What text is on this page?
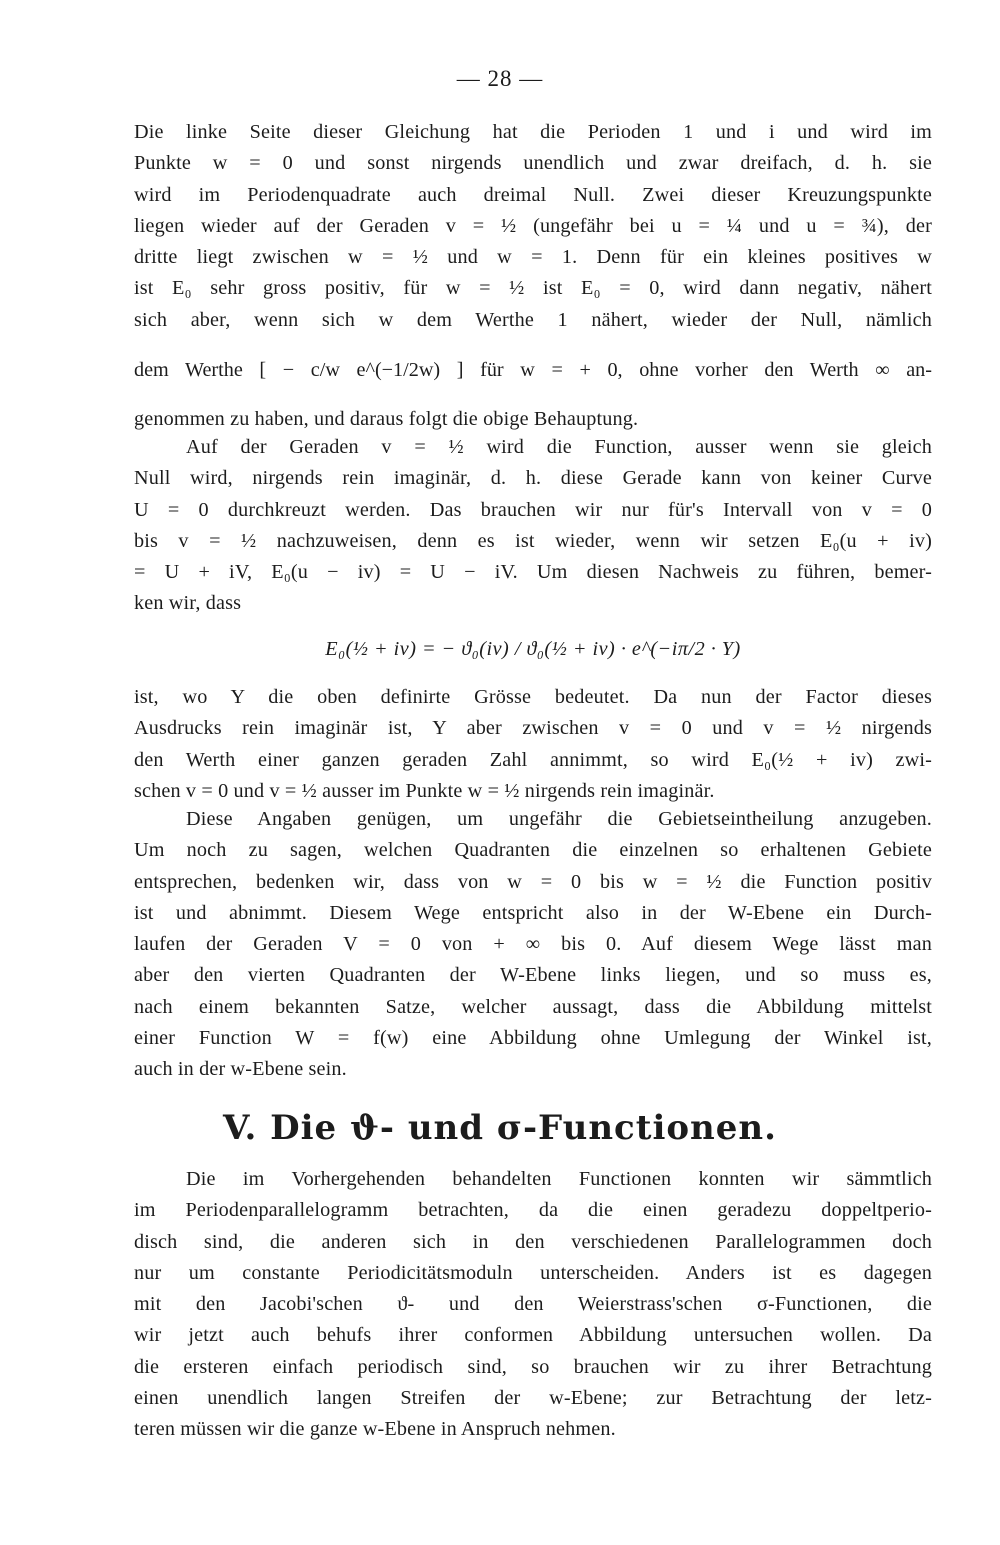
— 28 —
Die linke Seite dieser Gleichung hat die Perioden 1 und i und wird im
Punkte w = 0 und sonst nirgends unendlich und zwar dreifach, d. h. sie
wird im Periodenquadrate auch dreimal Null. Zwei dieser Kreuzungspunkte
liegen wieder auf der Geraden v = ½ (ungefähr bei u = ¼ und u = ¾), der
dritte liegt zwischen w = ½ und w = 1. Denn für ein kleines positives w
ist E₀ sehr gross positiv, für w = ½ ist E₀ = 0, wird dann negativ, nähert
sich aber, wenn sich w dem Werthe 1 nähert, wieder der Null, nämlich
dem Werthe [ − c/w e^(−1/2w) ] für w = + 0, ohne vorher den Werth ∞ an-
genommen zu haben, und daraus folgt die obige Behauptung.
Auf der Geraden v = ½ wird die Function, ausser wenn sie gleich
Null wird, nirgends rein imaginär, d. h. diese Gerade kann von keiner Curve
U = 0 durchkreuzt werden. Das brauchen wir nur für's Intervall von v = 0
bis v = ½ nachzuweisen, denn es ist wieder, wenn wir setzen E₀(u + iv)
= U + iV, E₀(u − iv) = U − iV. Um diesen Nachweis zu führen, bemer-
ken wir, dass
E₀(½ + iv) = − ϑ₀(iv) / ϑ₀(½ + iv) · e^(−iπ/2 · Y)
ist, wo Y die oben definirte Grösse bedeutet. Da nun der Factor dieses
Ausdrucks rein imaginär ist, Y aber zwischen v = 0 und v = ½ nirgends
den Werth einer ganzen geraden Zahl annimmt, so wird E₀(½ + iv) zwi-
schen v = 0 und v = ½ ausser im Punkte w = ½ nirgends rein imaginär.
Diese Angaben genügen, um ungefähr die Gebietseintheilung anzugeben.
Um noch zu sagen, welchen Quadranten die einzelnen so erhaltenen Gebiete
entsprechen, bedenken wir, dass von w = 0 bis w = ½ die Function positiv
ist und abnimmt. Diesem Wege entspricht also in der W-Ebene ein Durch-
laufen der Geraden V = 0 von + ∞ bis 0. Auf diesem Wege lässt man
aber den vierten Quadranten der W-Ebene links liegen, und so muss es,
nach einem bekannten Satze, welcher aussagt, dass die Abbildung mittelst
einer Function W = f(w) eine Abbildung ohne Umlegung der Winkel ist,
auch in der w-Ebene sein.
V. Die ϑ- und σ-Functionen.
Die im Vorhergehenden behandelten Functionen konnten wir sämmtlich
im Periodenparallelogramm betrachten, da die einen geradezu doppeltperio-
disch sind, die anderen sich in den verschiedenen Parallelogrammen doch
nur um constante Periodicitätsmoduln unterscheiden. Anders ist es dagegen
mit den Jacobi'schen ϑ- und den Weierstrass'schen σ-Functionen, die
wir jetzt auch behufs ihrer conformen Abbildung untersuchen wollen. Da
die ersteren einfach periodisch sind, so brauchen wir zu ihrer Betrachtung
einen unendlich langen Streifen der w-Ebene; zur Betrachtung der letz-
teren müssen wir die ganze w-Ebene in Anspruch nehmen.
